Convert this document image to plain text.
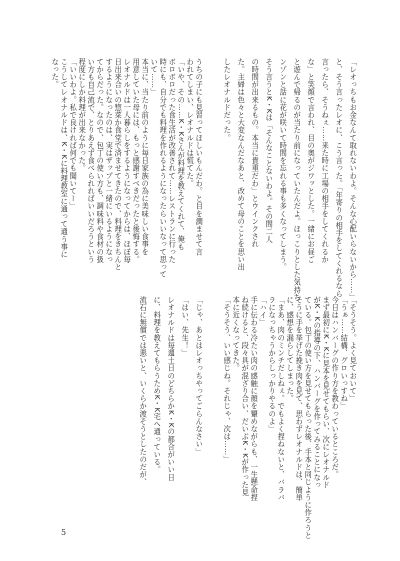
「レオっちもお金なんて取れないわよ。そんな心配いらないから……」
と、そう言ったレオに、こう言った。「年寄りの相手をしてくれるなら
言ったら、そうねぇ……来た時に工場の相手をしてくれるか
な」と笑顔で言われ、目の奥がジワッとした。一緒にお昼ご
と遊んで帰るのが当たり前になっていたんだよ。ほっこりとした気持ち
ンゾンと話に花が咲いて時間を忘れる事も多くなってしまう。
そう言うとK・Kは「そんなことないわよ。その間二人
の時間が出来るもの。本当に貴重だわ」とウインクされ
た。主婦は色々と大変なんだなあと、改めて母のことを思い出
したレオナルドだった。
うちの子にも見習ってほしいもんだわ。と目を潤ませて言
われてしまい、レオナルドは慌てた。
「いや、その……K・Kさんが料理を教えてくれて、俺も
ボロボロだった食生活が改善されて……レストランに行った
時にも、自分でも料理を作れるようになったらいいなって思って
いて……」
本当に、当たり前のように毎日家族の為に美味しい食事を
用意していた母には、もっと感謝すべきだったと後悔する。
レオナルドは一人暮らしをするようになってからは、ほぼ毎
日出来合いの惣菜か食堂で済ませてきたので、料理をきちんと
するようになったのは、実はザップと一緒にいるようになっ
てからだった。なので、包丁の使い方も、調味料や食材の扱
い方も自己流で、とりあえず食べられればいいだろうという
程度にしか料理が出来なかった。
「いいわよ。私で良ければ何でも聞いてー」
こうしてレオナルドは、K・Kに料理教室に通って通う事に
なった。
「そうそう。よく見ておいて」
「うぁ……結構、グロいっすね」
今日はハンバーグの作り方を教わっているところだ。
まず最初にK・Kに見本を見せてもらい、次にレオナルド
がK・Kの指導の下、ハンバーグを作ってみることになっ
ている。包丁の使い方を見せてもらった後、手本と同じように作ろうと
そうに手を挙げた挽き肉を見て、思わずレオナルドは、簡単
に、感想を漏らしてしまった。
「まあ、肉のミンチだしねぇ。でもよく捏ねないと、バラバ
ラになっちゃうからしっかりやるのよ」
「ハイ」
手に伝わる冷たい肉の感触に顔を顰めながらも、一生懸命捏
ね続けると、段々具が混ざり合い、だいぶK・Kが作った見
本に近くなってきた。
「そうそう、いい感じね。それじゃ、次は……」
「じゃ、あとはレオっちやってごらんなさい」
「はい、先生！」
レオナルドは毎週土日のどちらかK・Kの都合がいい日
に、料理を教えてもらうためK・K宅へ通っている。
流石に無償では悪いと、いくらか渡そうとしたのだが、
5
